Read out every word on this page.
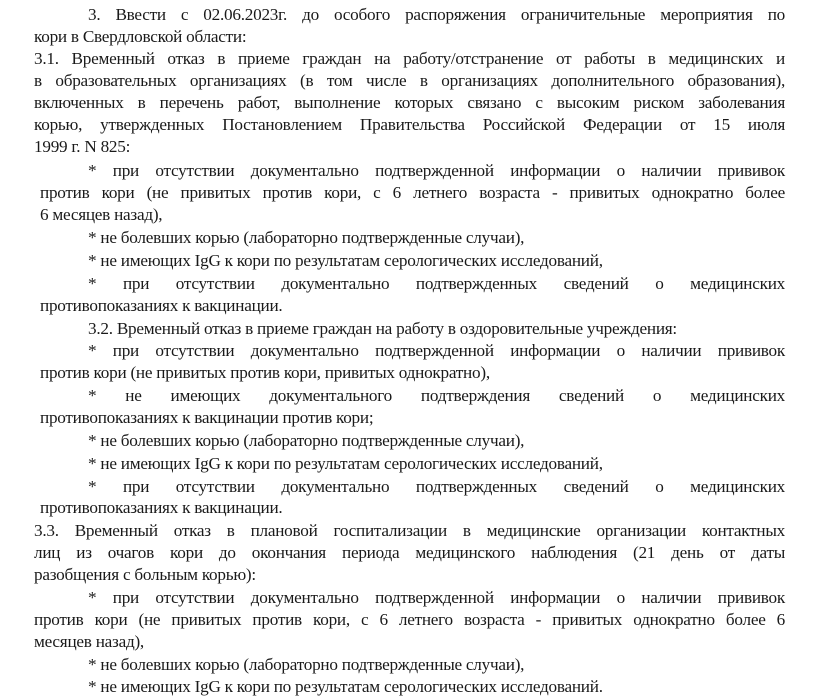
3. Ввести с 02.06.2023г. до особого распоряжения ограничительные мероприятия по
кори в Свердловской области:
3.1. Временный отказ в приеме граждан на работу/отстранение от работы в медицинских и
в образовательных организациях (в том числе в организациях дополнительного образования),
включенных в перечень работ, выполнение которых связано с высоким риском заболевания
корью, утвержденных Постановлением Правительства Российской Федерации от 15 июля
1999 г. N 825:
* при отсутствии документально подтвержденной информации о наличии прививок
против кори (не привитых против кори, с 6 летнего возраста - привитых однократно более
6 месяцев назад),
* не болевших корью (лабораторно подтвержденные случаи),
* не имеющих IgG к кори по результатам серологических исследований,
* при отсутствии документально подтвержденных сведений о медицинских
противопоказаниях к вакцинации.
3.2. Временный отказ в приеме граждан на работу в оздоровительные учреждения:
* при отсутствии документально подтвержденной информации о наличии прививок
против кори (не привитых против кори, привитых однократно),
* не имеющих документального подтверждения сведений о медицинских
противопоказаниях к вакцинации против кори;
* не болевших корью (лабораторно подтвержденные случаи),
* не имеющих IgG к кори по результатам серологических исследований,
* при отсутствии документально подтвержденных сведений о медицинских
противопоказаниях к вакцинации.
3.3. Временный отказ в плановой госпитализации в медицинские организации контактных
лиц из очагов кори до окончания периода медицинского наблюдения (21 день от даты
разобщения с больным корью):
* при отсутствии документально подтвержденной информации о наличии прививок
против кори (не привитых против кори, с 6 летнего возраста - привитых однократно более 6
месяцев назад),
* не болевших корью (лабораторно подтвержденные случаи),
* не имеющих IgG к кори по результатам серологических исследований.
